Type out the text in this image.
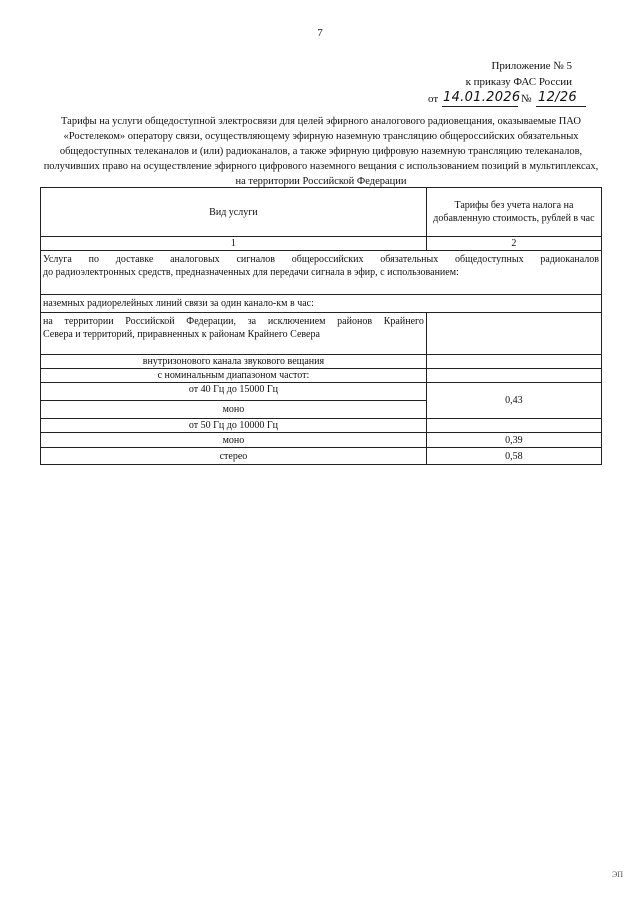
7
Приложение № 5
к приказу ФАС России
от 14.01.2026 № 12/26
Тарифы на услуги общедоступной электросвязи для целей эфирного аналогового радиовещания, оказываемые ПАО «Ростелеком» оператору связи, осуществляющему эфирную наземную трансляцию общероссийских обязательных общедоступных телеканалов и (или) радиоканалов, а также эфирную цифровую наземную трансляцию телеканалов, получивших право на осуществление эфирного цифрового наземного вещания с использованием позиций в мультиплексах, на территории Российской Федерации
Вид услуги	Тарифы без учета налога на добавленную стоимость, рублей в час
1	2

Услуга по доставке аналоговых сигналов общероссийских обязательных общедоступных радиоканалов
до радиоэлектронных средств, предназначенных для передачи сигнала в эфир, с использованием:	

наземных радиорелейных линий связи за один канало-км в час:	

на территории Российской Федерации, за исключением районов Крайнего
Севера и территорий, приравненных к районам Крайнего Севера	

внутризонового канала звукового вещания	
с номинальным диапазоном частот:	
от 40 Гц до 15000 Гц	0,43
моно	
от 50 Гц до 10000 Гц	
моно	0,39
стерео	0,58
ЭП
